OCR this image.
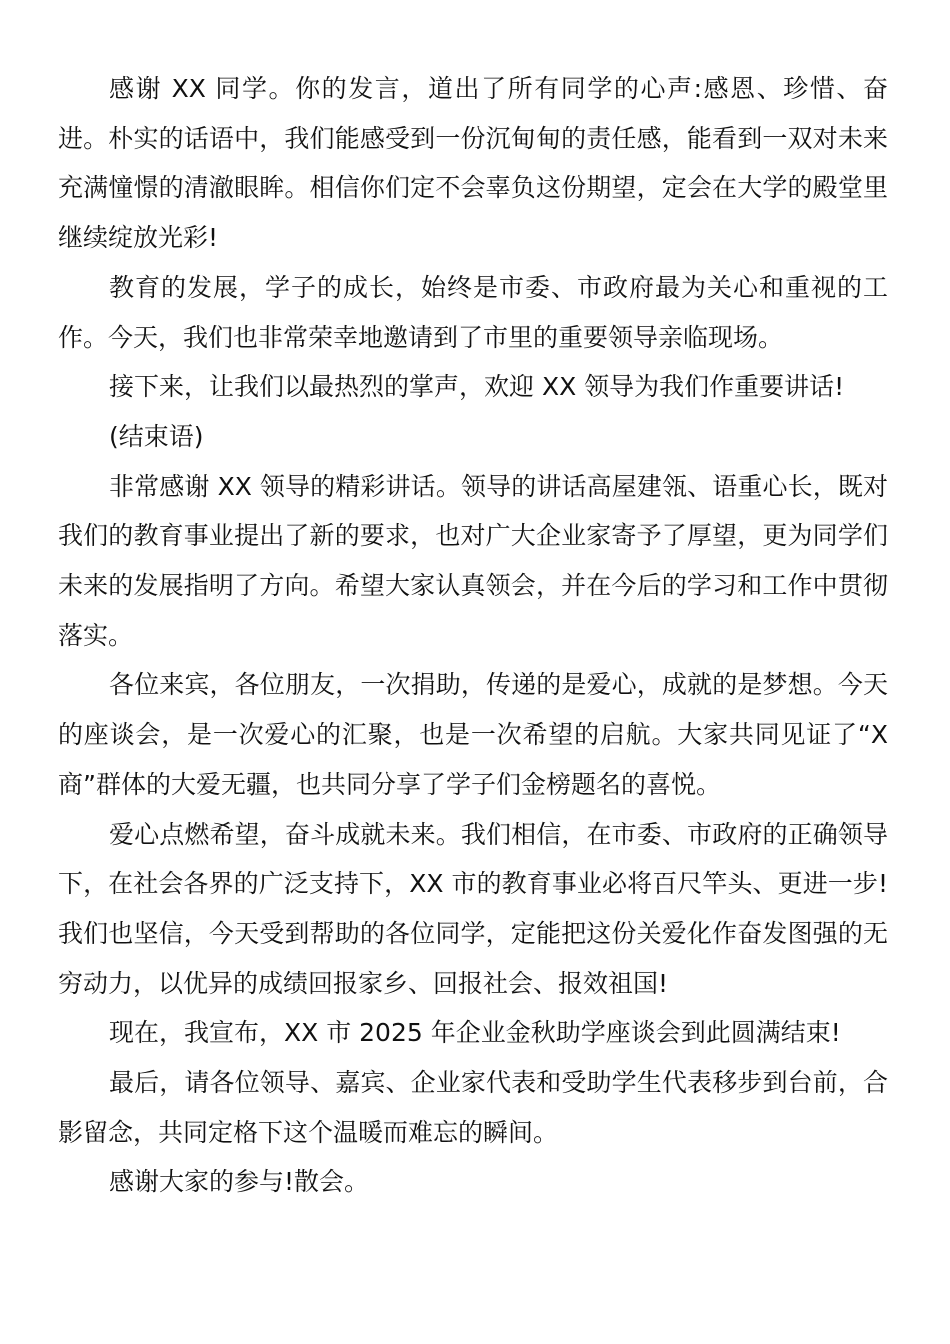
感谢 XX 同学。你的发言，道出了所有同学的心声:感恩、珍惜、奋进。朴实的话语中，我们能感受到一份沉甸甸的责任感，能看到一双对未来充满憧憬的清澈眼眸。相信你们定不会辜负这份期望，定会在大学的殿堂里继续绽放光彩!

教育的发展，学子的成长，始终是市委、市政府最为关心和重视的工作。今天，我们也非常荣幸地邀请到了市里的重要领导亲临现场。

接下来，让我们以最热烈的掌声，欢迎 XX 领导为我们作重要讲话!

(结束语)

非常感谢 XX 领导的精彩讲话。领导的讲话高屋建瓴、语重心长，既对我们的教育事业提出了新的要求，也对广大企业家寄予了厚望，更为同学们未来的发展指明了方向。希望大家认真领会，并在今后的学习和工作中贯彻落实。

各位来宾，各位朋友，一次捐助，传递的是爱心，成就的是梦想。今天的座谈会，是一次爱心的汇聚，也是一次希望的启航。大家共同见证了“X 商”群体的大爱无疆，也共同分享了学子们金榜题名的喜悦。

爱心点燃希望，奋斗成就未来。我们相信，在市委、市政府的正确领导下，在社会各界的广泛支持下，XX 市的教育事业必将百尺竿头、更进一步!我们也坚信，今天受到帮助的各位同学，定能把这份关爱化作奋发图强的无穷动力，以优异的成绩回报家乡、回报社会、报效祖国!

现在，我宣布，XX 市 2025 年企业金秋助学座谈会到此圆满结束!

最后，请各位领导、嘉宾、企业家代表和受助学生代表移步到台前，合影留念，共同定格下这个温暖而难忘的瞬间。

感谢大家的参与!散会。
